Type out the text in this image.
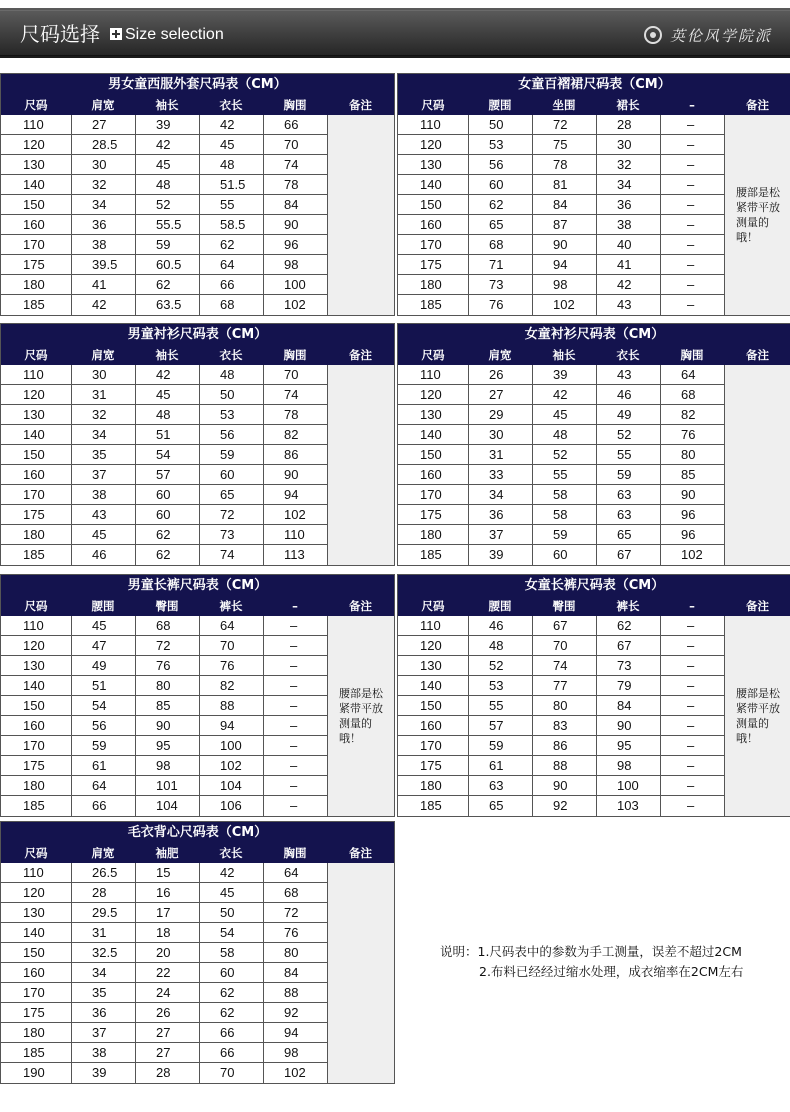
尺码选择 Size selection	英伦风学院派
男女童西服外套尺码表（CM）
尺码	肩宽	袖长	衣长	胸围	备注
110	27	39	42	66
120	28.5	42	45	70
130	30	45	48	74
140	32	48	51.5	78
150	34	52	55	84
160	36	55.5	58.5	90
170	38	59	62	96
175	39.5	60.5	64	98
180	41	62	66	100
185	42	63.5	68	102
女童百褶裙尺码表（CM）
尺码	腰围	坐围	裙长	–	备注
110	50	72	28	–
120	53	75	30	–
130	56	78	32	–
140	60	81	34	–
150	62	84	36	–
160	65	87	38	–
170	68	90	40	–
175	71	94	41	–
180	73	98	42	–
185	76	102	43	–
腰部是松紧带平放测量的哦！
男童衬衫尺码表（CM）
尺码	肩宽	袖长	衣长	胸围	备注
110	30	42	48	70
120	31	45	50	74
130	32	48	53	78
140	34	51	56	82
150	35	54	59	86
160	37	57	60	90
170	38	60	65	94
175	43	60	72	102
180	45	62	73	110
185	46	62	74	113
女童衬衫尺码表（CM）
尺码	肩宽	袖长	衣长	胸围	备注
110	26	39	43	64
120	27	42	46	68
130	29	45	49	82
140	30	48	52	76
150	31	52	55	80
160	33	55	59	85
170	34	58	63	90
175	36	58	63	96
180	37	59	65	96
185	39	60	67	102
男童长裤尺码表（CM）
尺码	腰围	臀围	裤长	–	备注
110	45	68	64	–
120	47	72	70	–
130	49	76	76	–
140	51	80	82	–
150	54	85	88	–
160	56	90	94	–
170	59	95	100	–
175	61	98	102	–
180	64	101	104	–
185	66	104	106	–
腰部是松紧带平放测量的哦！
女童长裤尺码表（CM）
尺码	腰围	臀围	裤长	–	备注
110	46	67	62	–
120	48	70	67	–
130	52	74	73	–
140	53	77	79	–
150	55	80	84	–
160	57	83	90	–
170	59	86	95	–
175	61	88	98	–
180	63	90	100	–
185	65	92	103	–
腰部是松紧带平放测量的哦！
毛衣背心尺码表（CM）
尺码	肩宽	袖肥	衣长	胸围	备注
110	26.5	15	42	64
120	28	16	45	68
130	29.5	17	50	72
140	31	18	54	76
150	32.5	20	58	80
160	34	22	60	84
170	35	24	62	88
175	36	26	62	92
180	37	27	66	94
185	38	27	66	98
190	39	28	70	102
说明：1.尺码表中的参数为手工测量，误差不超过2CM
2.布料已经经过缩水处理，成衣缩率在2CM左右
